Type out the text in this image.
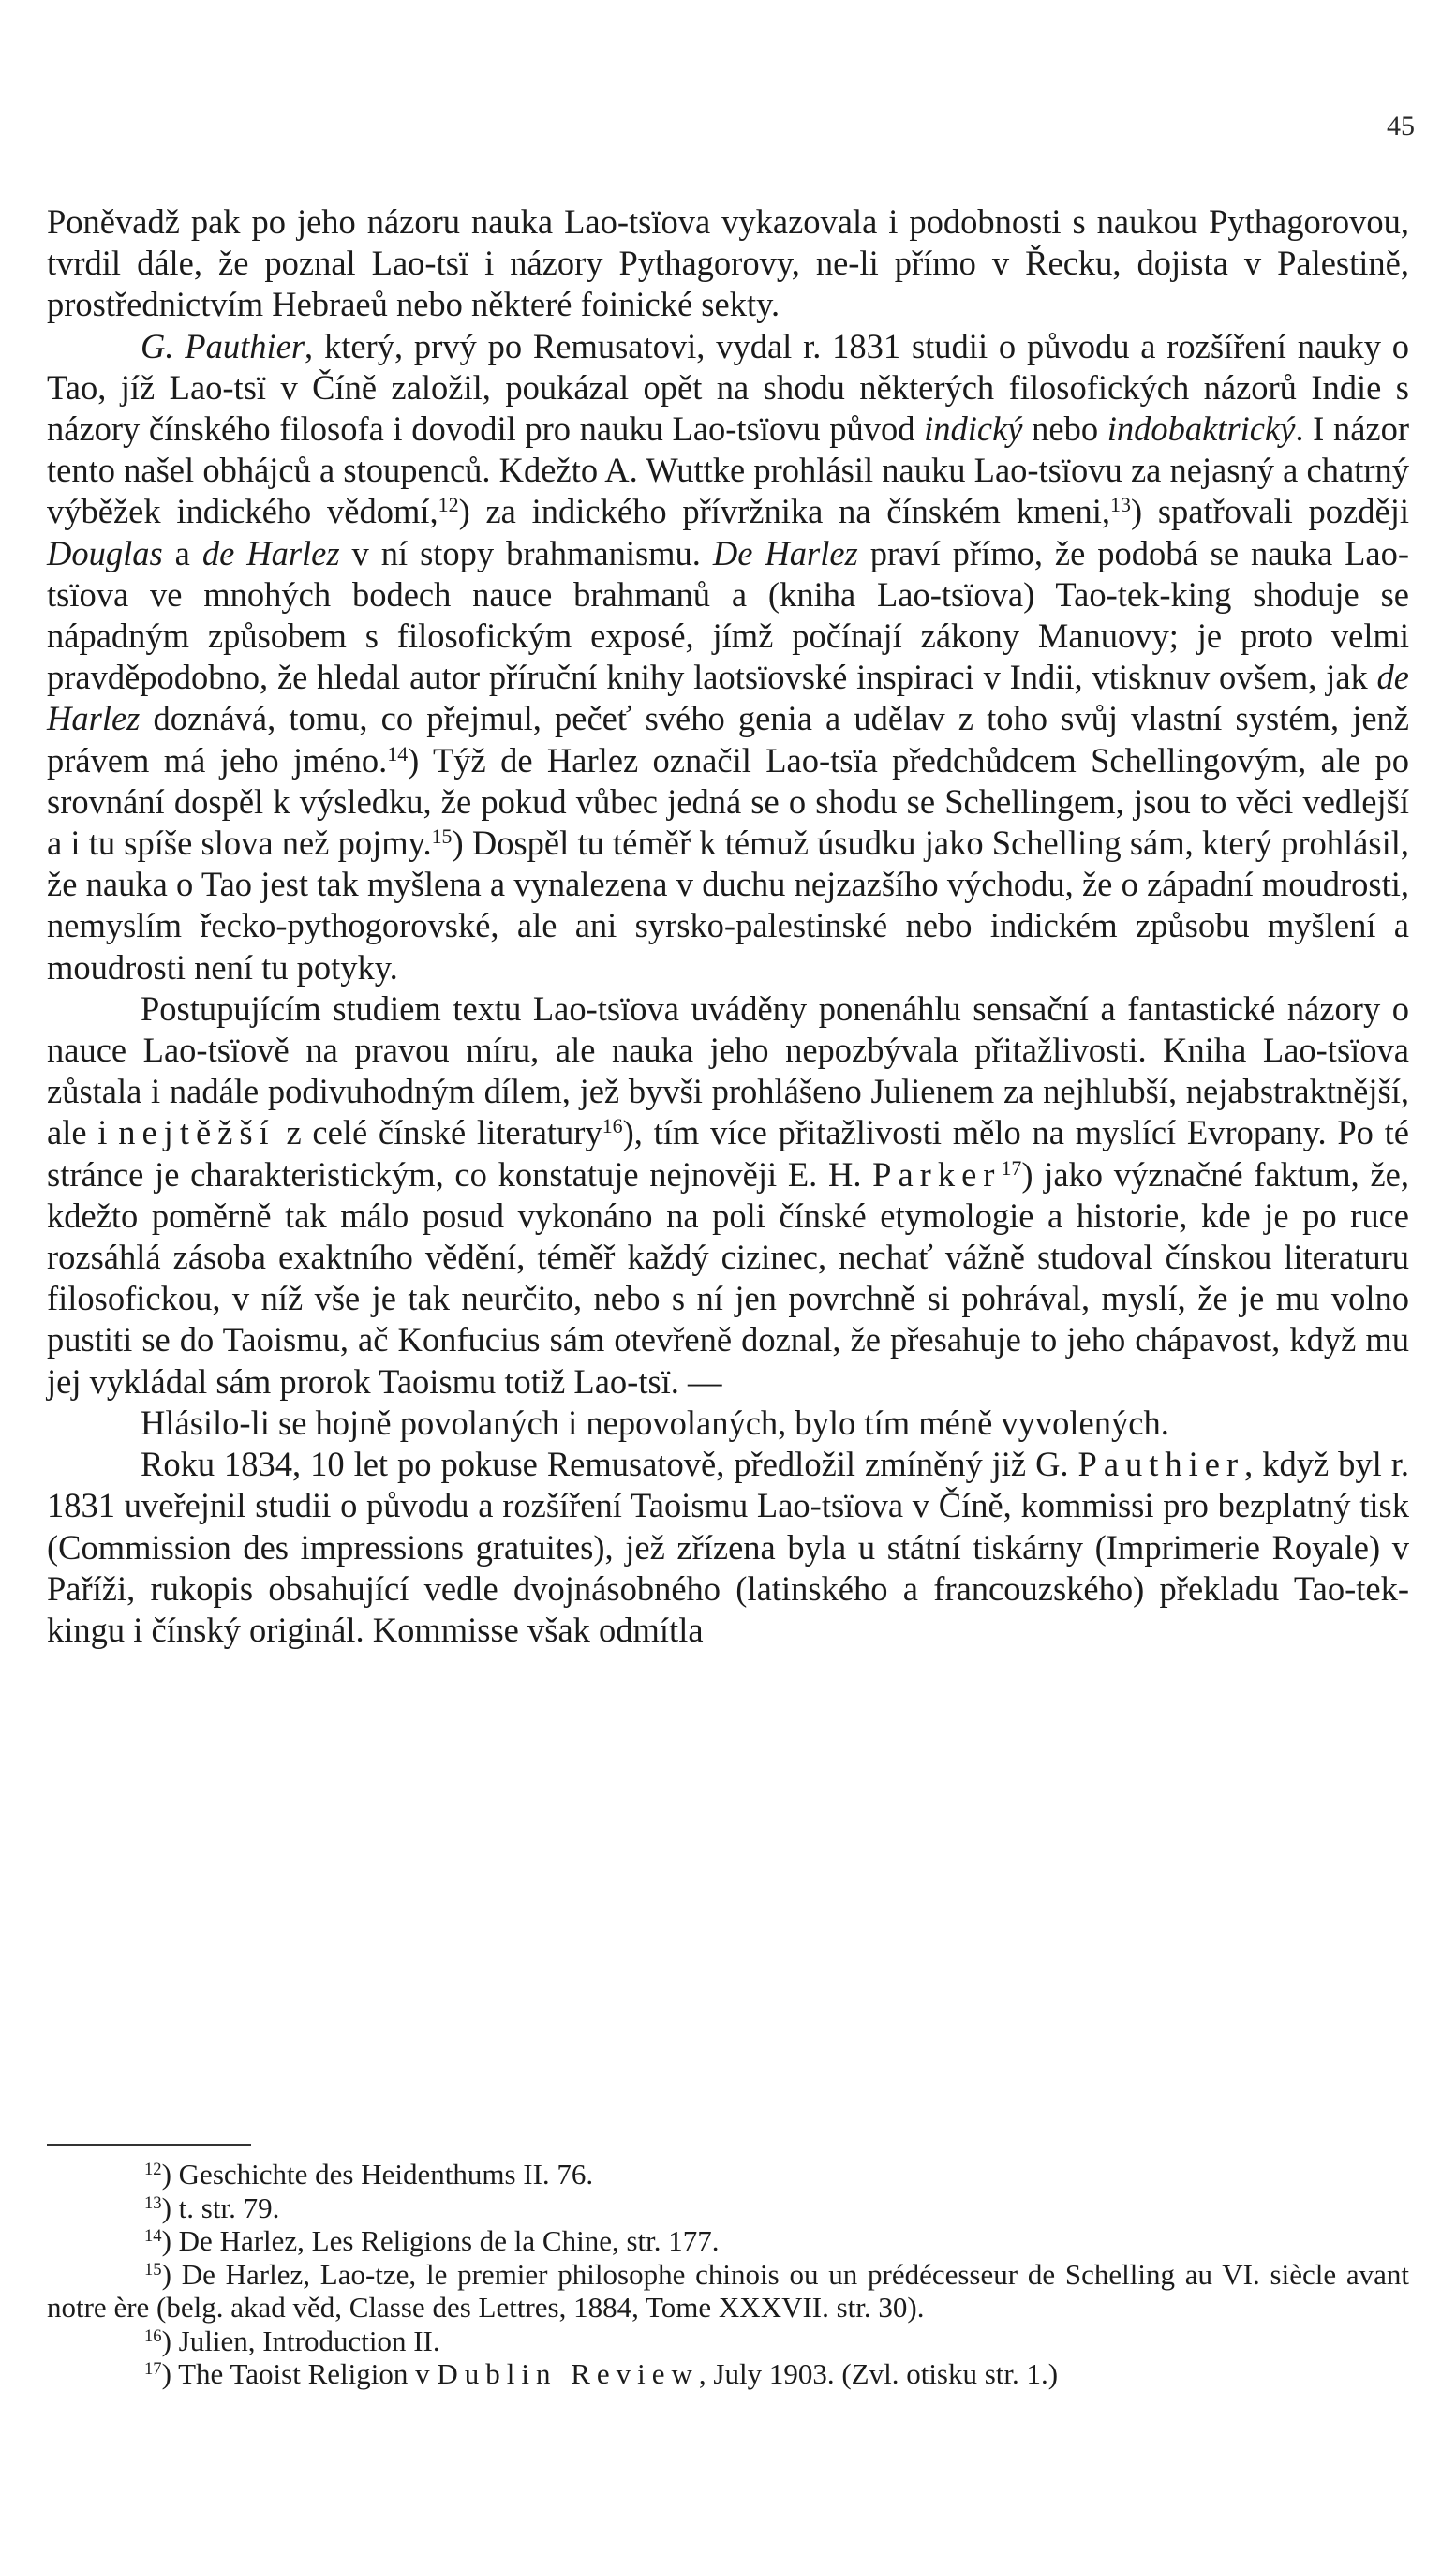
45

Poněvadž pak po jeho názoru nauka Lao-tsïova vykazovala i podobnosti s naukou Pythagorovou, tvrdil dále, že poznal Lao-tsï i názory Pythagorovy, ne-li přímo v Řecku, dojista v Palestině, prostřednictvím Hebraeů nebo některé foinické sekty.

G. Pauthier, který, prvý po Remusatovi, vydal r. 1831 studii o původu a rozšíření nauky o Tao, jíž Lao-tsï v Číně založil, poukázal opět na shodu některých filosofických názorů Indie s názory čínského filosofa i dovodil pro nauku Lao-tsïovu původ indický nebo indobaktrický. I názor tento našel obhájců a stoupenců. Kdežto A. Wuttke prohlásil nauku Lao-tsïovu za nejasný a chatrný výběžek indického vědomí,$^{12}$) za indického přívržnika na čínském kmeni,$^{13}$) spatřovali později Douglas a de Harlez v ní stopy brahmanismu. De Harlez praví přímo, že podobá se nauka Lao-tsïova ve mnohých bodech nauce brahmanů a (kniha Lao-tsïova) Tao-tek-king shoduje se nápadným způsobem s filosofickým exposé, jímž počínají zákony Manuovy; je proto velmi pravděpodobno, že hledal autor příruční knihy laotsïovské inspiraci v Indii, vtisknuv ovšem, jak de Harlez doznává, tomu, co přejmul, pečeť svého genia a udělav z toho svůj vlastní systém, jenž právem má jeho jméno.$^{14}$) Týž de Harlez označil Lao-tsïa předchůdcem Schellingovým, ale po srovnání dospěl k výsledku, že pokud vůbec jedná se o shodu se Schellingem, jsou to věci vedlejší a i tu spíše slova než pojmy.$^{15}$) Dospěl tu téměř k témuž úsudku jako Schelling sám, který prohlásil, že nauka o Tao jest tak myšlena a vynalezena v duchu nejzazšího východu, že o západní moudrosti, nemyslím řecko-pythogorovské, ale ani syrsko-palestinské nebo indickém způsobu myšlení a moudrosti není tu potyky.

Postupujícím studiem textu Lao-tsïova uváděny ponenáhlu sensační a fantastické názory o nauce Lao-tsïově na pravou míru, ale nauka jeho nepozbývala přitažlivosti. Kniha Lao-tsïova zůstala i nadále podivuhodným dílem, jež byvši prohlášeno Julienem za nejhlubší, nejabstraktnější, ale i nejtěžší z celé čínské literatury$^{16}$), tím více přitažlivosti mělo na myslící Evropany. Po té stránce je charakteristickým, co konstatuje nejnověji E. H. Parker$^{17}$) jako význačné faktum, že, kdežto poměrně tak málo posud vykonáno na poli čínské etymologie a historie, kde je po ruce rozsáhlá zásoba exaktního vědění, téměř každý cizinec, nechať vážně studoval čínskou literaturu filosofickou, v níž vše je tak neurčito, nebo s ní jen povrchně si pohrával, myslí, že je mu volno pustiti se do Taoismu, ač Konfucius sám otevřeně doznal, že přesahuje to jeho chápavost, když mu jej vykládal sám prorok Taoismu totiž Lao-tsï. —

Hlásilo-li se hojně povolaných i nepovolaných, bylo tím méně vyvolených.

Roku 1834, 10 let po pokuse Remusatově, předložil zmíněný již G. Pauthier, když byl r. 1831 uveřejnil studii o původu a rozšíření Taoismu Lao-tsïova v Číně, kommissi pro bezplatný tisk (Commission des impressions gratuites), jež zřízena byla u státní tiskárny (Imprimerie Royale) v Paříži, rukopis obsahující vedle dvojnásobného (latinského a francouzského) překladu Tao-tek-kingu i čínský originál. Kommisse však odmítla

$^{12}$) Geschichte des Heidenthums II. 76.

$^{13}$) t. str. 79.

$^{14}$) De Harlez, Les Religions de la Chine, str. 177.

$^{15}$) De Harlez, Lao-tze, le premier philosophe chinois ou un prédécesseur de Schelling au VI. siècle avant notre ère (belg. akad věd, Classe des Lettres, 1884, Tome XXXVII. str. 30).

$^{16}$) Julien, Introduction II.

$^{17}$) The Taoist Religion v Dublin Review, July 1903. (Zvl. otisku str. 1.)
